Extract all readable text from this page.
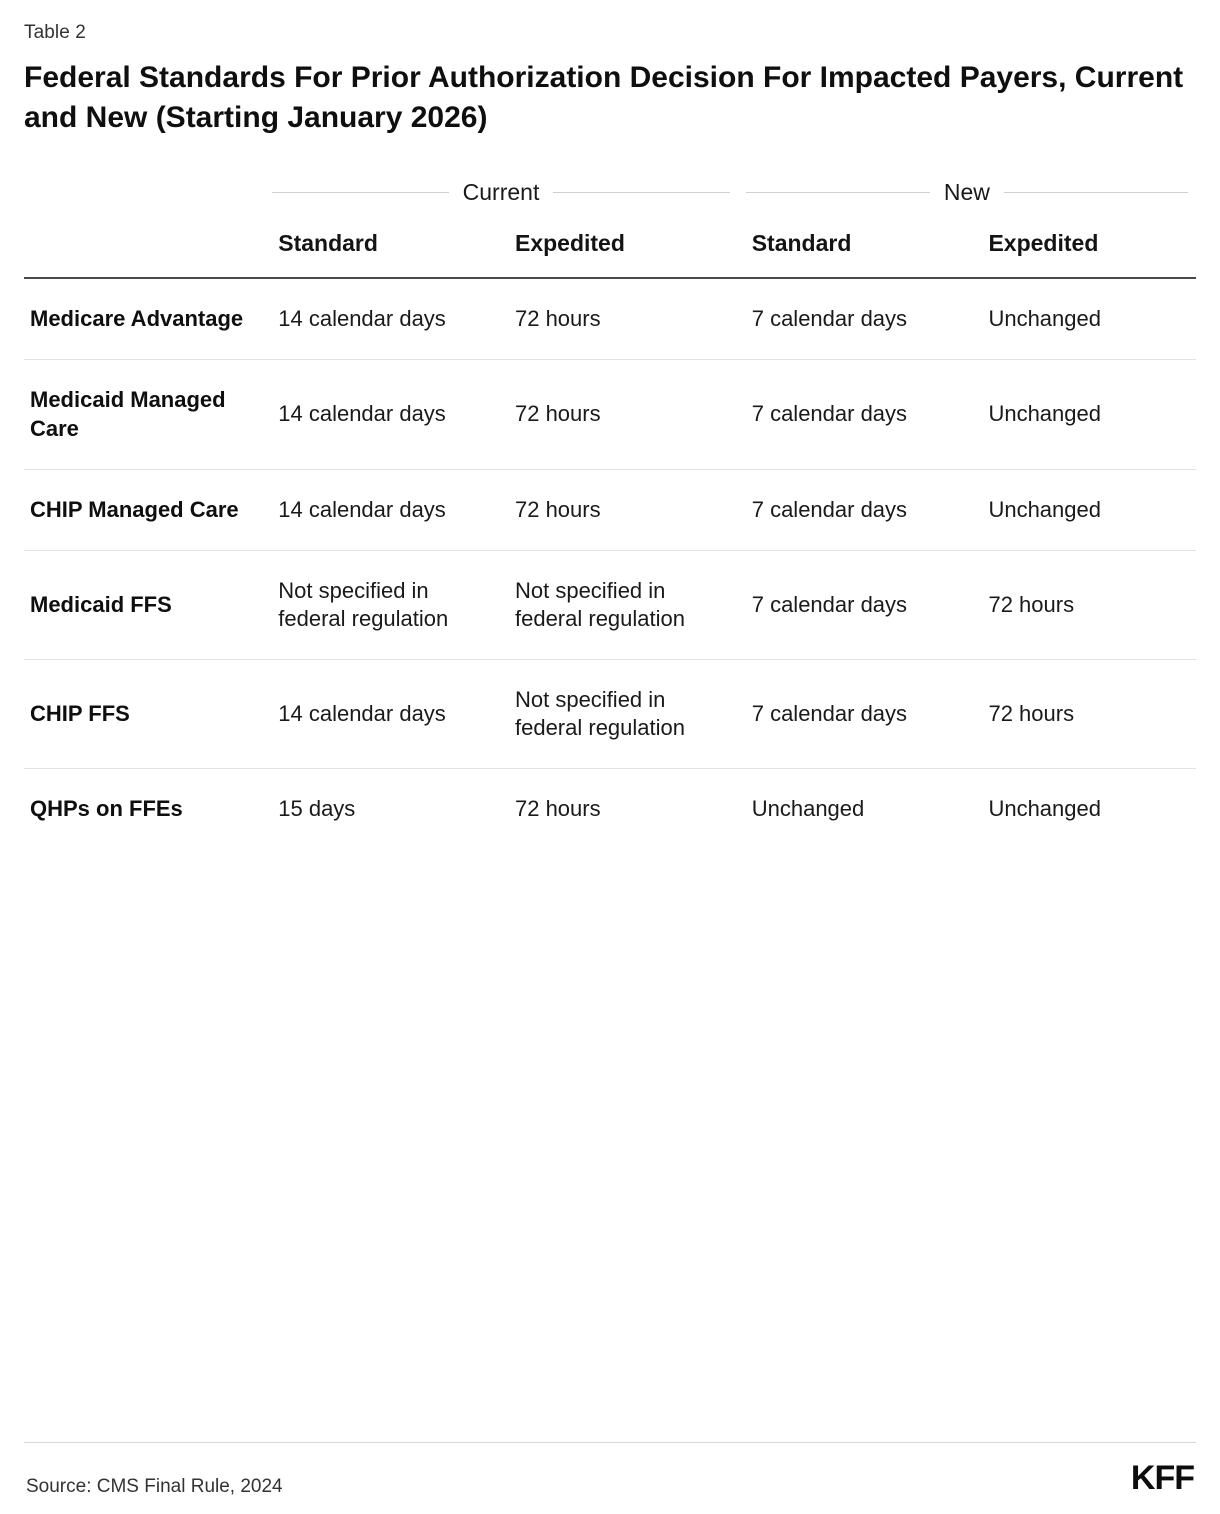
Table 2
Federal Standards For Prior Authorization Decision For Impacted Payers, Current and New (Starting January 2026)

	Current		New	

	Standard	Expedited	Standard	Expedited
Medicare Advantage	14 calendar days	72 hours	7 calendar days	Unchanged
Medicaid Managed Care	14 calendar days	72 hours	7 calendar days	Unchanged
CHIP Managed Care	14 calendar days	72 hours	7 calendar days	Unchanged
Medicaid FFS	Not specified in federal regulation	Not specified in federal regulation	7 calendar days	72 hours
CHIP FFS	14 calendar days	Not specified in federal regulation	7 calendar days	72 hours
QHPs on FFEs	15 days	72 hours	Unchanged	Unchanged
Source: CMS Final Rule, 2024	KFF
